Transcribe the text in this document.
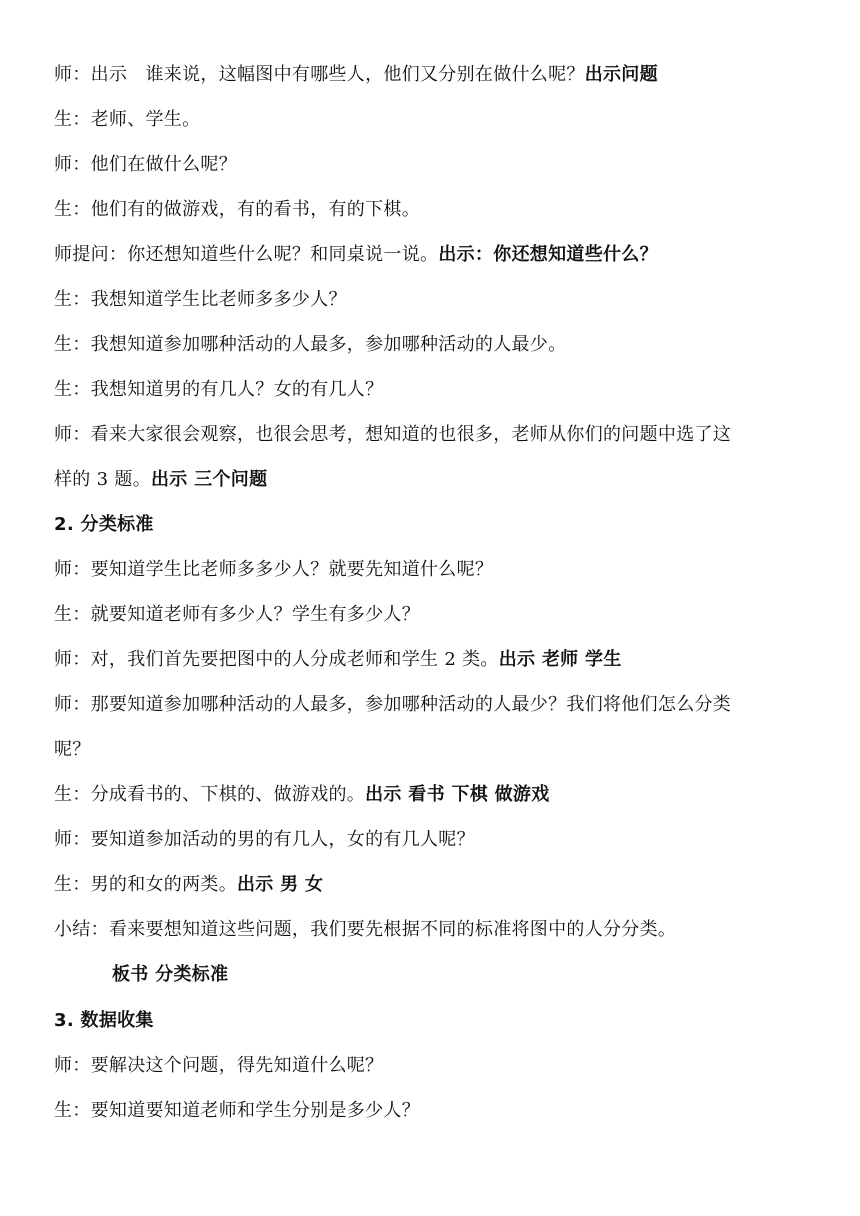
师：出示　谁来说，这幅图中有哪些人，他们又分别在做什么呢？出示问题
生：老师、学生。
师：他们在做什么呢？
生：他们有的做游戏，有的看书，有的下棋。
师提问：你还想知道些什么呢？和同桌说一说。出示：你还想知道些什么？
生：我想知道学生比老师多多少人？
生：我想知道参加哪种活动的人最多，参加哪种活动的人最少。
生：我想知道男的有几人？女的有几人？
师：看来大家很会观察，也很会思考，想知道的也很多，老师从你们的问题中选了这
样的 3 题。出示 三个问题
2. 分类标准
师：要知道学生比老师多多少人？就要先知道什么呢？
生：就要知道老师有多少人？学生有多少人？
师：对，我们首先要把图中的人分成老师和学生 2 类。出示 老师 学生
师：那要知道参加哪种活动的人最多，参加哪种活动的人最少？我们将他们怎么分类
呢？
生：分成看书的、下棋的、做游戏的。出示 看书 下棋 做游戏
师：要知道参加活动的男的有几人，女的有几人呢？
生：男的和女的两类。出示 男 女
小结：看来要想知道这些问题，我们要先根据不同的标准将图中的人分分类。
板书 分类标准
3. 数据收集
师：要解决这个问题，得先知道什么呢？
生：要知道要知道老师和学生分别是多少人？
